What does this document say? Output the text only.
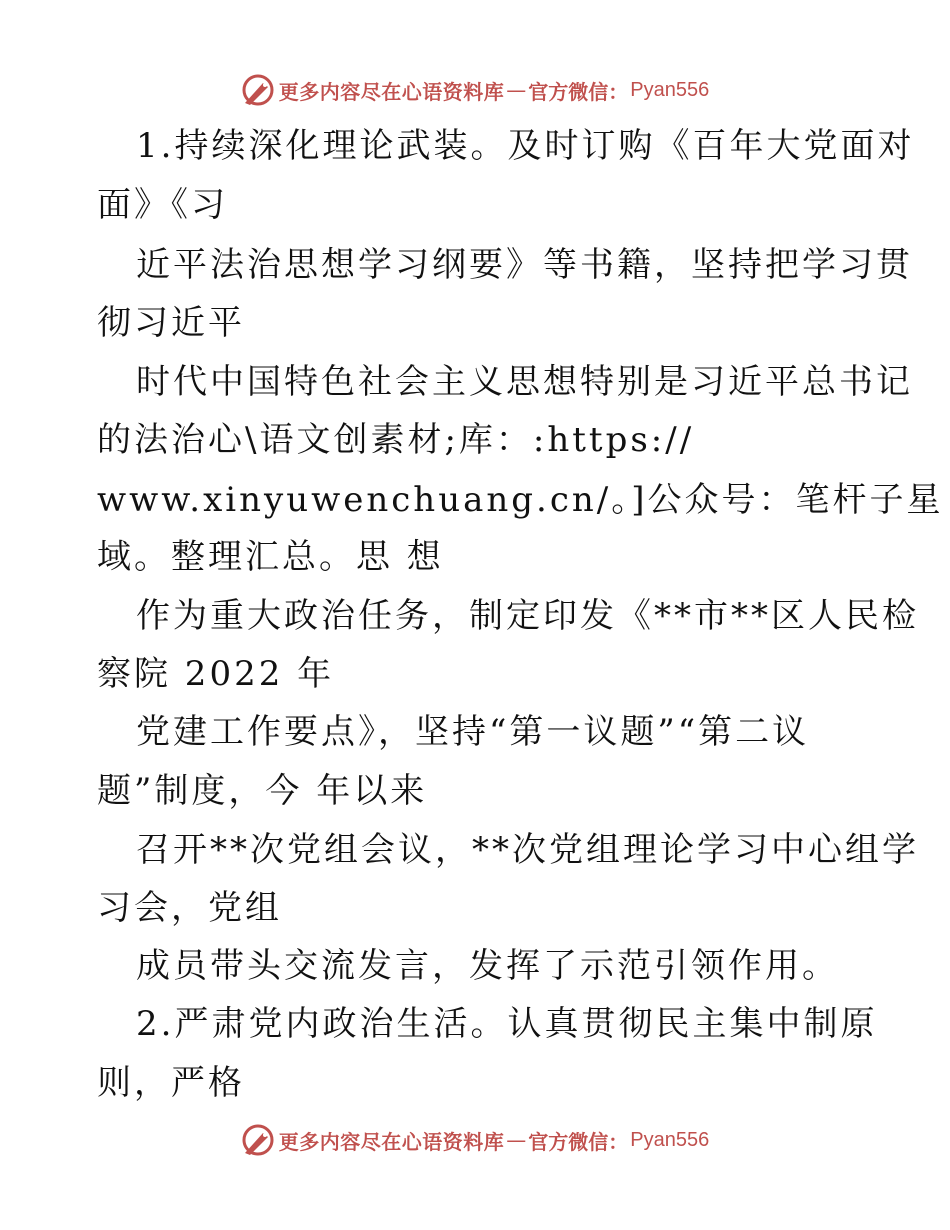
更多内容尽在心语资料库 — 官方微信： Pyan556
1.持续深化理论武装。及时订购《百年大党面对
面》《习
近平法治思想学习纲要》等书籍，坚持把学习贯
彻习近平
时代中国特色社会主义思想特别是习近平总书记
的法治心\语文创素材;库：:https://
www.xinyuwenchuang.cn/。]公众号：笔杆子星
域。整理汇总。思 想
作为重大政治任务，制定印发《**市**区人民检
察院 2022 年
党建工作要点》，坚持“第一议题”“第二议
题”制度，今 年以来
召开**次党组会议，**次党组理论学习中心组学
习会，党组
成员带头交流发言，发挥了示范引领作用。
2.严肃党内政治生活。认真贯彻民主集中制原
则，严格
更多内容尽在心语资料库 — 官方微信： Pyan556
